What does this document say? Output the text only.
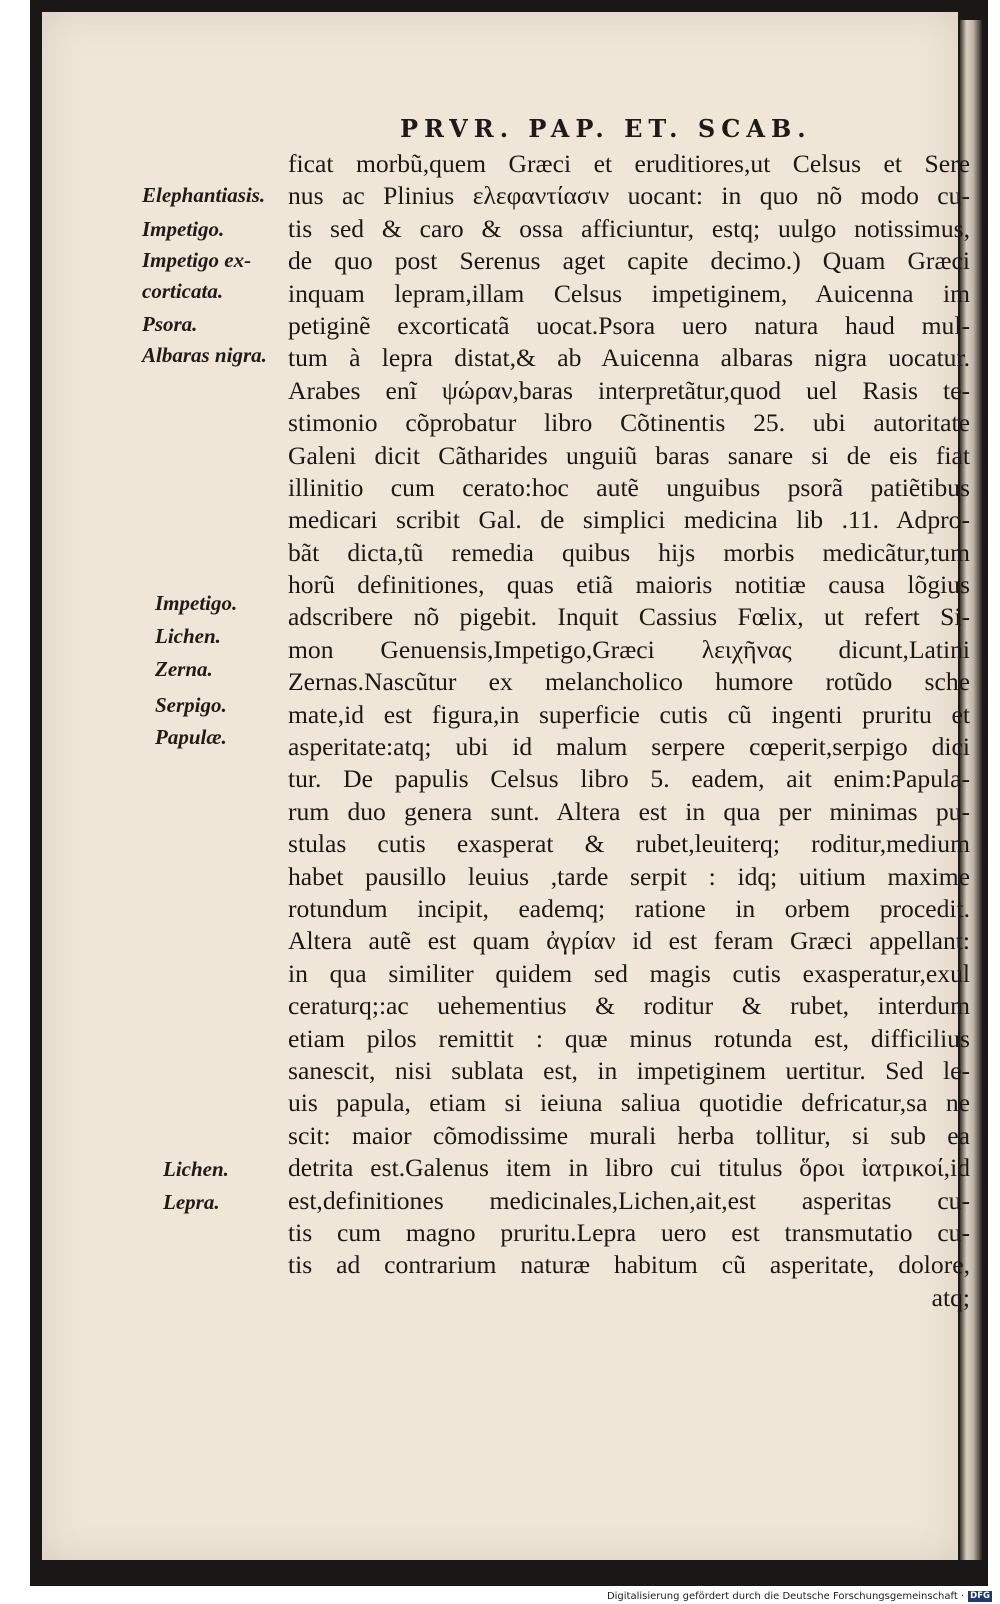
PRVR. PAP. ET. SCAB.
Elephantiasis.
Impetigo.
Impetigo ex-
corticata.
Psora.
Albaras nigra.
Impetigo.
Lichen.
Zerna.
Serpigo.
Papulæ.
Lichen.
Lepra.
ficat morbũ,quem Græci et eruditiores,ut Celsus et Sere
nus ac Plinius ελεφαντίασιν uocant: in quo nõ modo cu-
tis sed & caro & ossa afficiuntur, estq; uulgo notissimus,
de quo post Serenus aget capite decimo.) Quam Græci
inquam lepram,illam Celsus impetiginem, Auicenna im
petiginẽ excorticatã uocat.Psora uero natura haud mul-
tum à lepra distat,& ab Auicenna albaras nigra uocatur.
Arabes enĩ ψώραν,baras interpretãtur,quod uel Rasis te-
stimonio cõprobatur libro Cõtinentis 25. ubi autoritate
Galeni dicit Cãtharides unguiũ baras sanare si de eis fiat
illinitio cum cerato:hoc autẽ unguibus psorã patiẽtibus
medicari scribit Gal. de simplici medicina lib .11. Adpro-
bãt dicta,tũ remedia quibus hijs morbis medicãtur,tum
horũ definitiones, quas etiã maioris notitiæ causa lõgius
adscribere nõ pigebit. Inquit Cassius Fœlix, ut refert Si-
mon Genuensis,Impetigo,Græci λειχῆνας dicunt,Latini
Zernas.Nascũtur ex melancholico humore rotũdo sche
mate,id est figura,in superficie cutis cũ ingenti pruritu et
asperitate:atq; ubi id malum serpere cœperit,serpigo dici
tur. De papulis Celsus libro 5. eadem, ait enim:Papula-
rum duo genera sunt. Altera est in qua per minimas pu-
stulas cutis exasperat & rubet,leuiterq; roditur,medium
habet pausillo leuius ,tarde serpit : idq; uitium maxime
rotundum incipit, eademq; ratione in orbem procedit.
Altera autẽ est quam ἀγρίαν id est feram Græci appellant:
in qua similiter quidem sed magis cutis exasperatur,exul
ceraturq;:ac uehementius & roditur & rubet, interdum
etiam pilos remittit : quæ minus rotunda est, difficilius
sanescit, nisi sublata est, in impetiginem uertitur. Sed le-
uis papula, etiam si ieiuna saliua quotidie defricatur,sa ne
scit: maior cõmodissime murali herba tollitur, si sub ea
detrita est.Galenus item in libro cui titulus ὅροι ἰατρικοί,id
est,definitiones medicinales,Lichen,ait,est asperitas cu-
tis cum magno pruritu.Lepra uero est transmutatio cu-
tis ad contrarium naturæ habitum cũ asperitate, dolore,
atq;
Digitalisierung gefördert durch die Deutsche Forschungsgemeinschaft · DFG
